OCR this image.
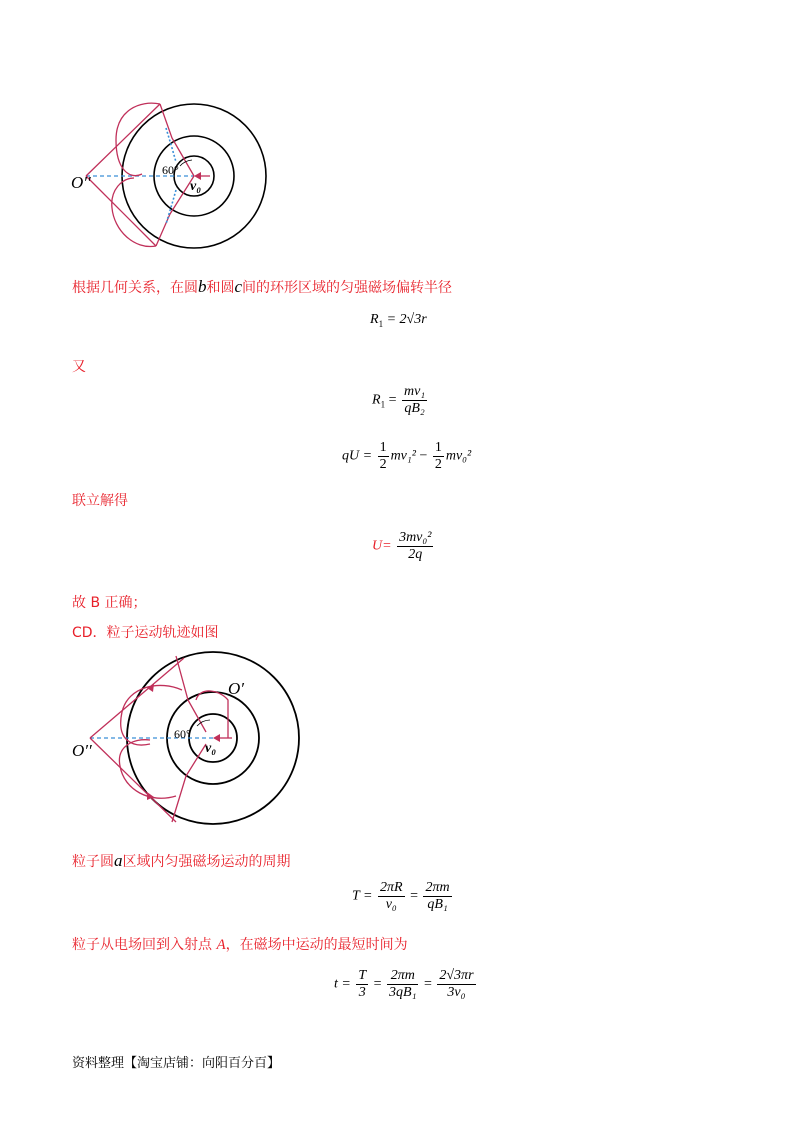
O′′
60°
v₀
根据几何关系，在圆b和圆c间的环形区域的匀强磁场偏转半径
$R_1 = 2√3r$
又
$R_1 = \frac{\text{mv₁}}{\text{qB₂}}$
qU = $\frac{1}{2} mv_1^2 - \frac{1}{2} mv_0^2$
联立解得
$U= \frac{\text{3mv₀²}}{2q}$
故 B 正确；
CD．粒子运动轨迹如图
O′
O′′
60°
v₀
粒子圆a区域内匀强磁场运动的周期
$T = \frac{2\pi R}{\text{v₀}} = \frac{2\pi m}{\text{qB₁}}$
粒子从电场回到入射点 A，在磁场中运动的最短时间为
$t = \frac{T}{3} = \frac{2\pi m}{\text{3qB₁}} = \frac{2√3\pi r}{\text{3v₀}}$
资料整理【淘宝店铺：向阳百分百】
